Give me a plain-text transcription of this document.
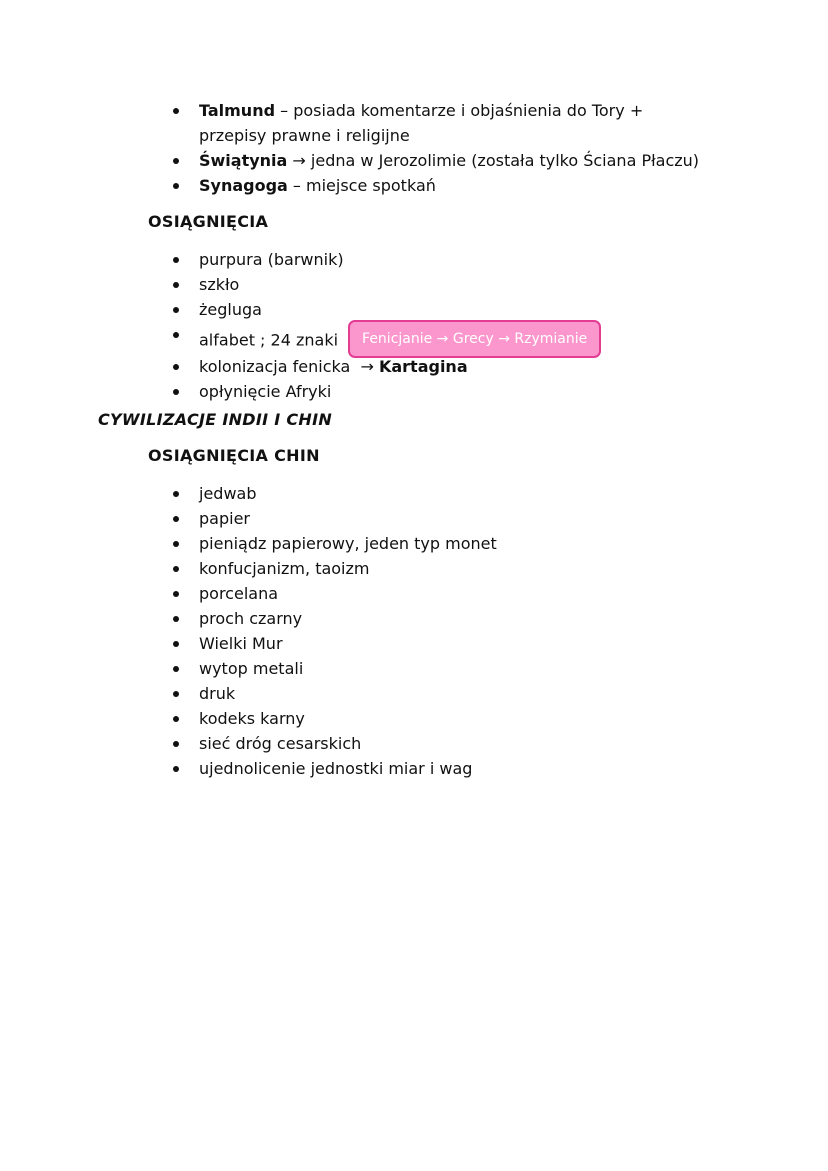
Talmund – posiada komentarze i objaśnienia do Tory + przepisy prawne i religijne
Świątynia → jedna w Jerozolimie (została tylko Ściana Płaczu)
Synagoga – miejsce spotkań
OSIĄGNIĘCIA
purpura (barwnik)
szkło
żegluga
alfabet ; 24 znaki Fenicjanie → Grecy → Rzymianie
kolonizacja fenicka  → Kartagina
opłynięcie Afryki
CYWILIZACJE INDII I CHIN
OSIĄGNIĘCIA CHIN
jedwab
papier
pieniądz papierowy, jeden typ monet
konfucjanizm, taoizm
porcelana
proch czarny
Wielki Mur
wytop metali
druk
kodeks karny
sieć dróg cesarskich
ujednolicenie jednostki miar i wag
